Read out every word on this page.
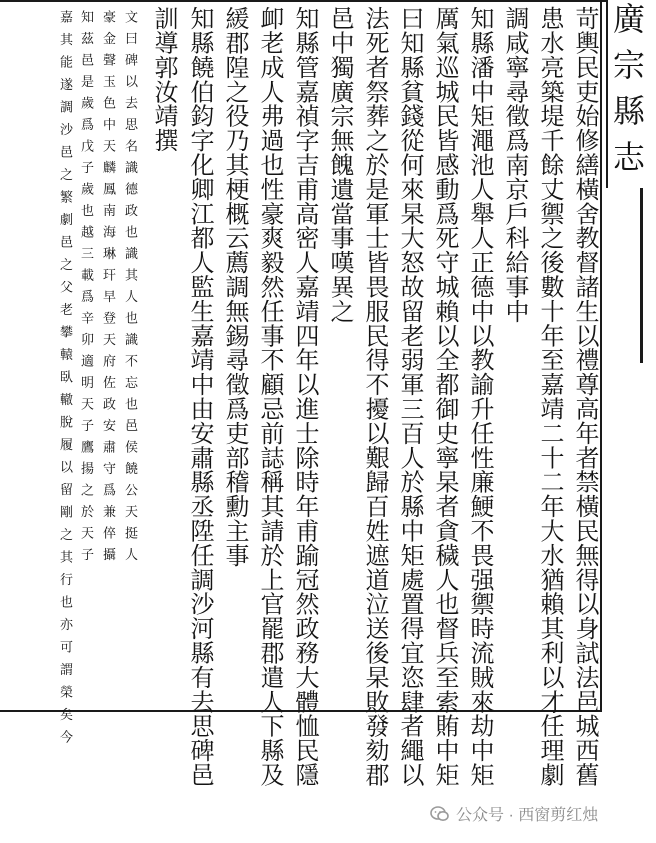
廣宗縣志
苛輿民吏始修繕橫舍教督諸生以禮尊高年者禁橫民無得以身試法邑城西舊
患水亮築堤千餘丈禦之後數十年至嘉靖二十二年大水猶賴其利以才任理劇
調咸寧尋徵爲南京戶科給事中
知縣潘中矩澠池人舉人正德中以教諭升任性廉鯁不畏强禦時流賊來劫中矩
厲氣巡城民皆感動爲死守城賴以全都御史寧杲者貪穢人也督兵至索賄中矩
曰知縣貧錢從何來杲大怒故留老弱軍三百人於縣中矩處置得宜恣肆者繩以
法死者祭葬之於是軍士皆畏服民得不擾以艱歸百姓遮道泣送後杲敗發劾郡
邑中獨廣宗無餽遺當事嘆異之
知縣管嘉禎字吉甫高密人嘉靖四年以進士除時年甫踰冠然政務大體恤民隱
卹老成人弗過也性豪爽毅然任事不顧忌前誌稱其請於上官罷郡遣人下縣及
緩郡隍之役乃其梗概云薦調無錫尋徵爲吏部稽勳主事
知縣饒伯鈞字化卿江都人監生嘉靖中由安肅縣丞陞任調沙河縣有去思碑邑
訓導郭汝靖撰
文曰碑以去思名識德政也識其人也識不忘也邑侯饒公天挺人
豪金聲玉色中天麟鳳南海琳玕早登天府佐政安肅守爲兼倅攝
知茲邑是歲爲戊子歲也越三載爲辛卯適明天子鷹揚之於天子
嘉其能遂調沙邑之繁劇邑之父老攀轅臥轍脫履以留剛之其行也亦可謂榮矣今
公众号 · 西窗剪红烛
